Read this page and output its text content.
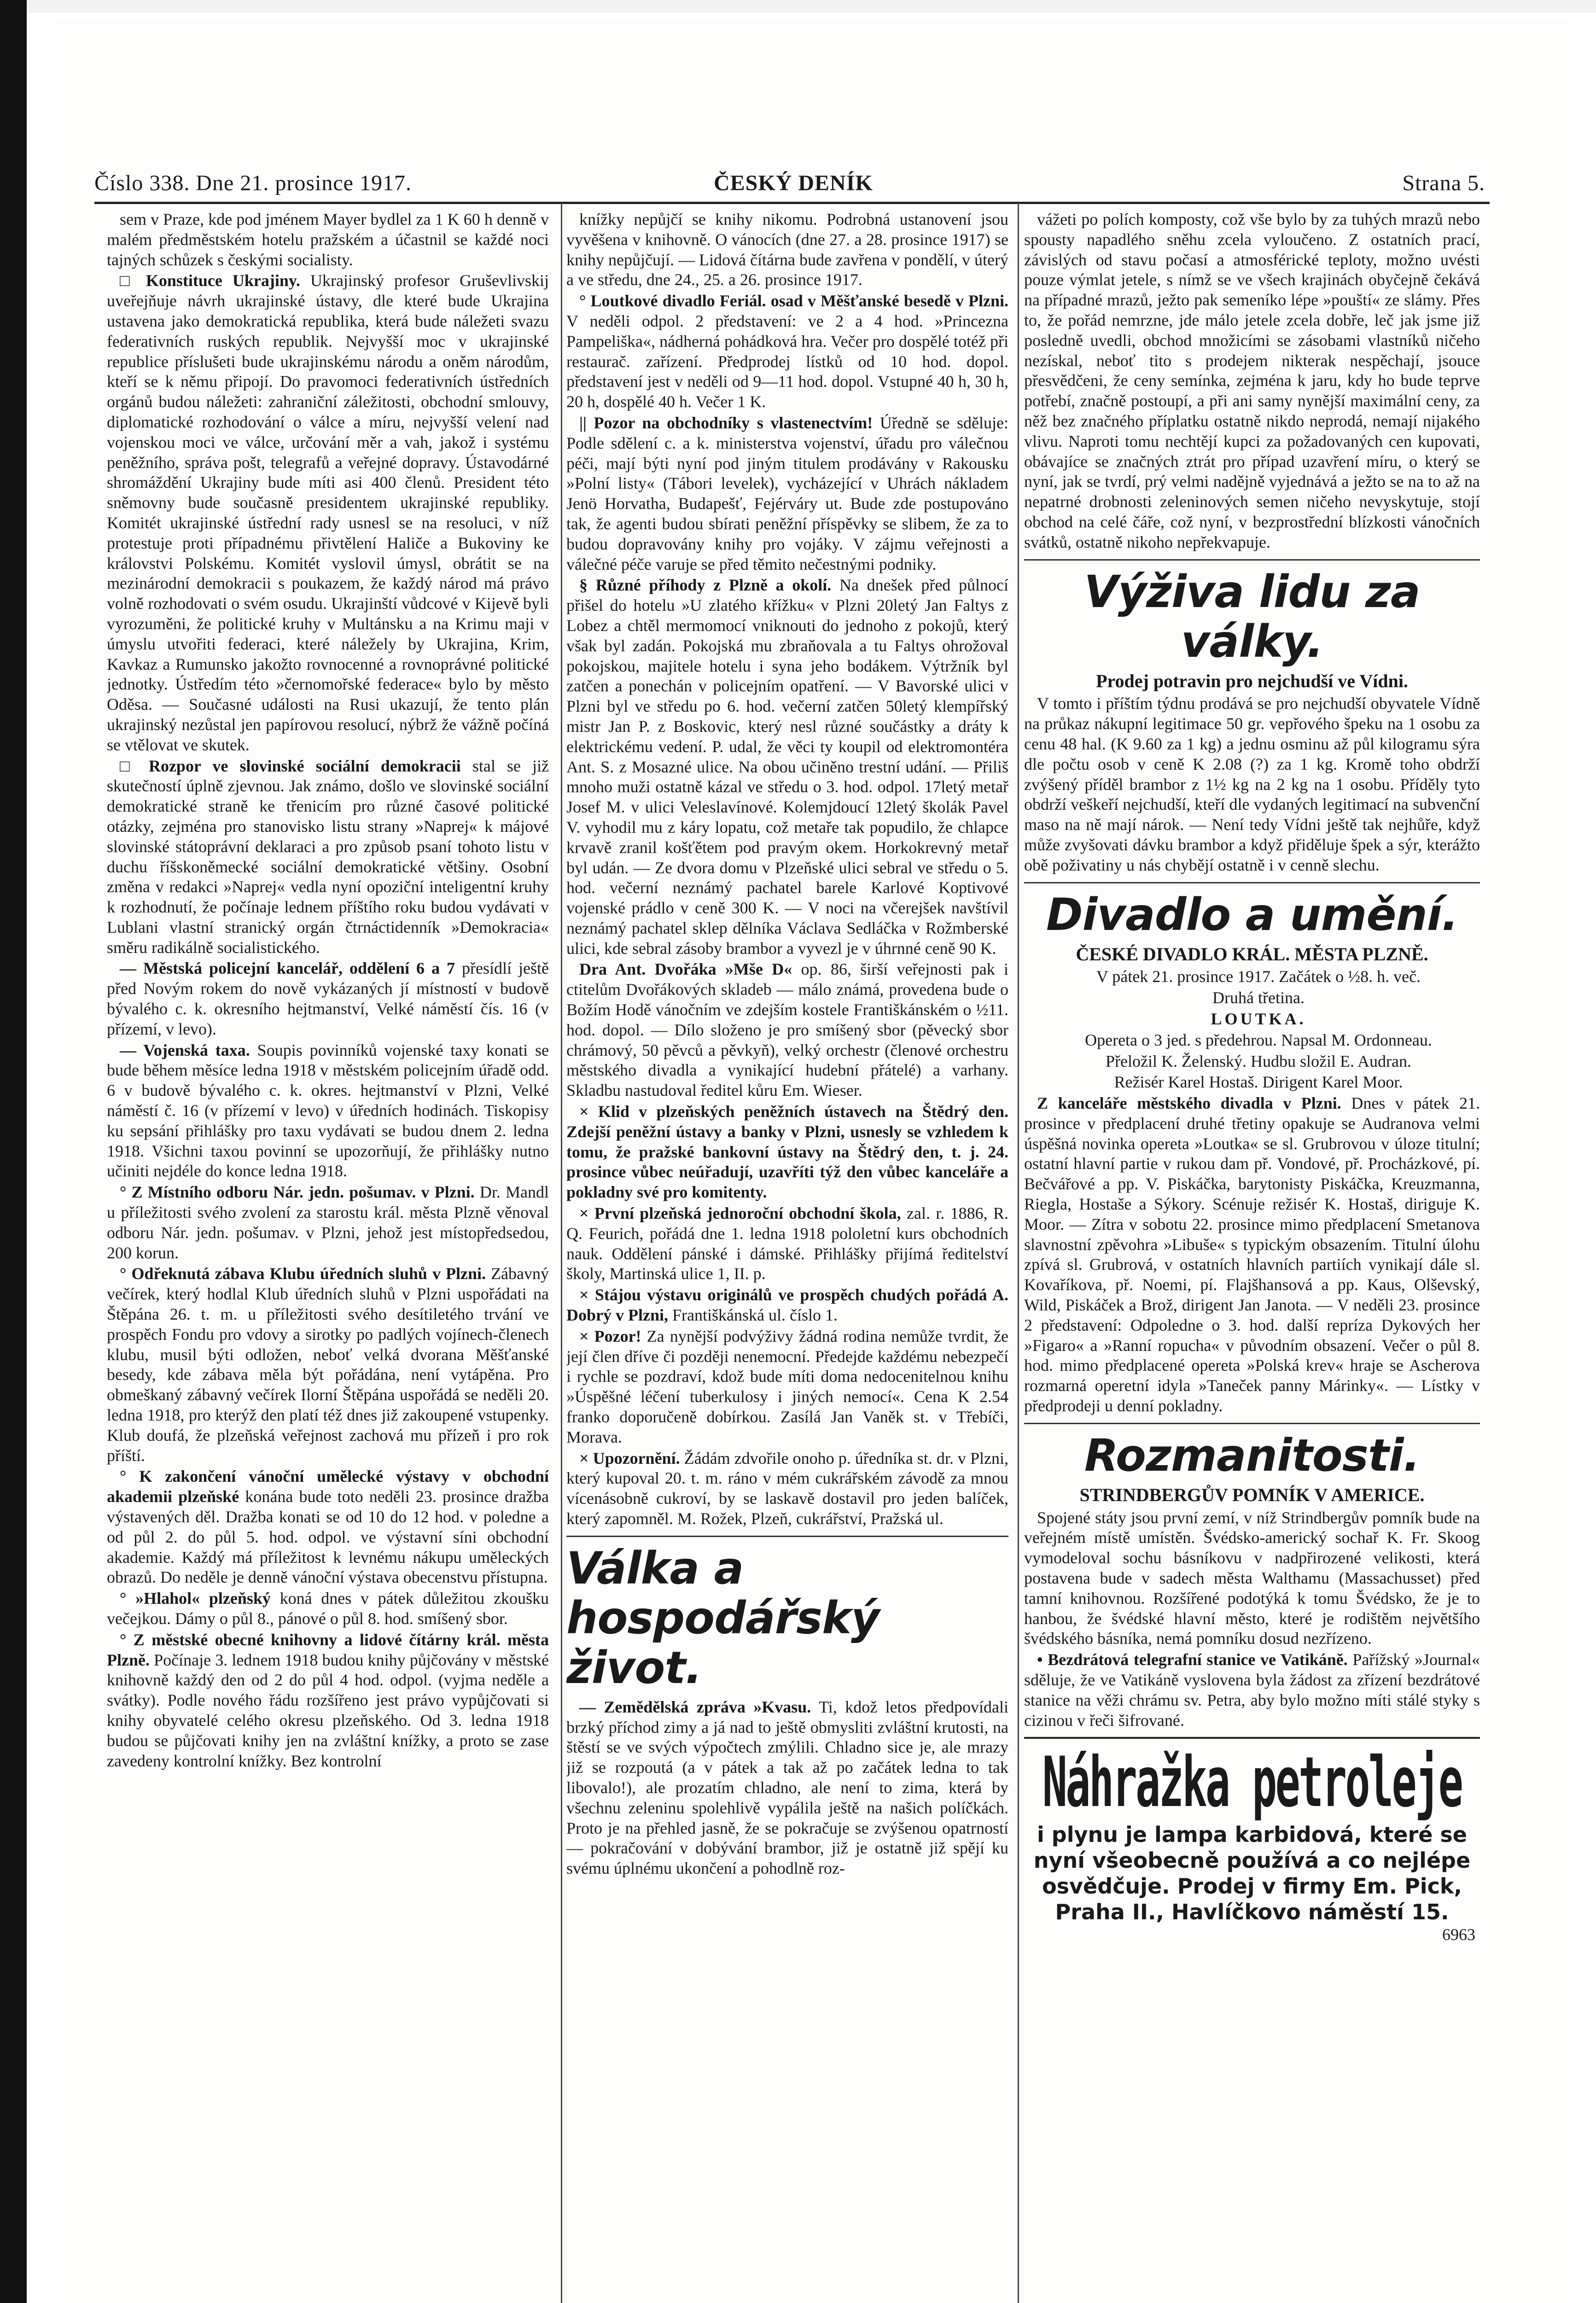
Číslo 338. Dne 21. prosince 1917.	ČESKÝ DENÍK	Strana 5.

sem v Praze, kde pod jménem Mayer bydlel za 1 K 60 h denně v malém předměstském hotelu pražském a účastnil se každé noci tajných schůzek s českými socialisty.

□ Konstituce Ukrajiny. Ukrajinský profesor Gruševlivskij uveřejňuje návrh ukrajinské ústavy, dle které bude Ukrajina ustavena jako demokratická republika, která bude náležeti svazu federativních ruských republik. Nejvyšší moc v ukrajinské republice příslušeti bude ukrajinskému národu a oněm národům, kteří se k němu připojí. Do pravomoci federativních ústředních orgánů budou náležeti: zahraniční záležitosti, obchodní smlouvy, diplomatické rozhodování o válce a míru, nejvyšší velení nad vojenskou moci ve válce, určování měr a vah, jakož i systému peněžního, správa pošt, telegrafů a veřejné dopravy. Ústavodárné shromáždění Ukrajiny bude míti asi 400 členů. President této sněmovny bude současně presidentem ukrajinské republiky. Komitét ukrajinské ústřední rady usnesl se na resoluci, v níž protestuje proti případnému přivtělení Haliče a Bukoviny ke královstvi Polskému. Komitét vyslovil úmysl, obrátit se na mezinárodní demokracii s poukazem, že každý národ má právo volně rozhodovati o svém osudu. Ukrajinští vůdcové v Kijevě byli vyrozuměni, že politické kruhy v Multánsku a na Krimu maji v úmyslu utvořiti federaci, které náležely by Ukrajina, Krim, Kavkaz a Rumunsko jakožto rovnocenné a rovnoprávné politické jednotky. Ústředím této »černomořské federace« bylo by město Oděsa. — Současné události na Rusi ukazují, že tento plán ukrajinský nezůstal jen papírovou resolucí, nýbrž že vážně počíná se vtělovat ve skutek.

□ Rozpor ve slovinské sociální demokracii stal se již skutečností úplně zjevnou. Jak známo, došlo ve slovinské sociální demokratické straně ke třenicím pro různé časové politické otázky, zejména pro stanovisko listu strany »Naprej« k májové slovinské státoprávní deklaraci a pro způsob psaní tohoto listu v duchu říšskoněmecké sociální demokratické většiny. Osobní změna v redakci »Naprej« vedla nyní opoziční inteligentní kruhy k rozhodnutí, že počínaje lednem příštího roku budou vydávati v Lublani vlastní stranický orgán čtrnáctidenník »Demokracia« směru radikálně socialistického.

— Městská policejní kancelář, oddělení 6 a 7 přesídlí ještě před Novým rokem do nově vykázaných jí místností v budově bývalého c. k. okresního hejtmanství, Velké náměstí čís. 16 (v přízemí, v levo).

— Vojenská taxa. Soupis povinníků vojenské taxy konati se bude během měsíce ledna 1918 v městském policejním úřadě odd. 6 v budově bývalého c. k. okres. hejtmanství v Plzni, Velké náměstí č. 16 (v přízemí v levo) v úředních hodinách. Tiskopisy ku sepsání přihlášky pro taxu vydávati se budou dnem 2. ledna 1918. Všichni taxou povinní se upozorňují, že přihlášky nutno učiniti nejdéle do konce ledna 1918.

° Z Místního odboru Nár. jedn. pošumav. v Plzni. Dr. Mandl u příležitosti svého zvolení za starostu král. města Plzně věnoval odboru Nár. jedn. pošumav. v Plzni, jehož jest místopředsedou, 200 korun.

° Odřeknutá zábava Klubu úředních sluhů v Plzni. Zábavný večírek, který hodlal Klub úředních sluhů v Plzni uspořádati na Štěpána 26. t. m. u příležitosti svého desítiletého trvání ve prospěch Fondu pro vdovy a sirotky po padlých vojínech-členech klubu, musil býti odložen, neboť velká dvorana Měšťanské besedy, kde zábava měla být pořádána, není vytápěna. Pro obmeškaný zábavný večírek Ilorní Štěpána uspořádá se neděli 20. ledna 1918, pro kterýž den platí též dnes již zakoupené vstupenky. Klub doufá, že plzeňská veřejnost zachová mu přízeň i pro rok příští.

° K zakončení vánoční umělecké výstavy v obchodní akademii plzeňské konána bude toto neděli 23. prosince dražba výstavených děl. Dražba konati se od 10 do 12 hod. v poledne a od půl 2. do půl 5. hod. odpol. ve výstavní síni obchodní akademie. Každý má příležitost k levnému nákupu uměleckých obrazů. Do neděle je denně vánoční výstava obecenstvu přístupna.

° »Hlahol« plzeňský koná dnes v pátek důležitou zkoušku večejkou. Dámy o půl 8., pánové o půl 8. hod. smíšený sbor.

° Z městské obecné knihovny a lidové čítárny král. města Plzně. Počínaje 3. lednem 1918 budou knihy půjčovány v městské knihovně každý den od 2 do půl 4 hod. odpol. (vyjma neděle a svátky). Podle nového řádu rozšířeno jest právo vypůjčovati si knihy obyvatelé celého okresu plzeňského. Od 3. ledna 1918 budou se půjčovati knihy jen na zvláštní knížky, a proto se zase zavedeny kontrolní knížky. Bez kontrolní

knížky nepůjčí se knihy nikomu. Podrobná ustanovení jsou vyvěšena v knihovně. O vánocích (dne 27. a 28. prosince 1917) se knihy nepůjčují. — Lidová čítárna bude zavřena v pondělí, v úterý a ve středu, dne 24., 25. a 26. prosince 1917.

° Loutkové divadlo Feriál. osad v Měšťanské besedě v Plzni. V neděli odpol. 2 představení: ve 2 a 4 hod. »Princezna Pampeliška«, nádherná pohádková hra. Večer pro dospělé totéž při restaurač. zařízení. Předprodej lístků od 10 hod. dopol. představení jest v neděli od 9—11 hod. dopol. Vstupné 40 h, 30 h, 20 h, dospělé 40 h. Večer 1 K.

|| Pozor na obchodníky s vlastenectvím! Úředně se sděluje: Podle sdělení c. a k. ministerstva vojenství, úřadu pro válečnou péči, mají býti nyní pod jiným titulem prodávány v Rakousku »Polní listy« (Tábori levelek), vycházející v Uhrách nákladem Jenö Horvatha, Budapešť, Fejérváry ut. Bude zde postupováno tak, že agenti budou sbírati peněžní příspěvky se slibem, že za to budou dopravovány knihy pro vojáky. V zájmu veřejnosti a válečné péče varuje se před těmito nečestnými podniky.

§ Různé příhody z Plzně a okolí. Na dnešek před půlnocí přišel do hotelu »U zlatého křížku« v Plzni 20letý Jan Faltys z Lobez a chtěl mermomocí vniknouti do jednoho z pokojů, který však byl zadán. Pokojská mu zbraňovala a tu Faltys ohrožoval pokojskou, majitele hotelu i syna jeho bodákem. Výtržník byl zatčen a ponechán v policejním opatření. — V Bavorské ulici v Plzni byl ve středu po 6. hod. večerní zatčen 50letý klempířský mistr Jan P. z Boskovic, který nesl různé součástky a dráty k elektrickému vedení. P. udal, že věci ty koupil od elektromontéra Ant. S. z Mosazné ulice. Na obou učiněno trestní udání. — Přiliš mnoho muži ostatně kázal ve středu o 3. hod. odpol. 17letý metař Josef M. v ulici Veleslavínové. Kolemjdoucí 12letý školák Pavel V. vyhodil mu z káry lopatu, což metaře tak popudilo, že chlapce krvavě zranil košťětem pod pravým okem. Horkokrevný metař byl udán. — Ze dvora domu v Plzeňské ulici sebral ve středu o 5. hod. večerní neznámý pachatel barele Karlové Koptivové vojenské prádlo v ceně 300 K. — V noci na včerejšek navštívil neznámý pachatel sklep dělníka Václava Sedláčka v Rožmberské ulici, kde sebral zásoby brambor a vyvezl je v úhrnné ceně 90 K.

Dra Ant. Dvořáka »Mše D« op. 86, širší veřejnosti pak i ctitelům Dvořákových skladeb — málo známá, provedena bude o Božím Hodě vánočním ve zdejším kostele Františkánském o ½11. hod. dopol. — Dílo složeno je pro smíšený sbor (pěvecký sbor chrámový, 50 pěvců a pěvkyň), velký orchestr (členové orchestru městského divadla a vynikající hudební přátelé) a varhany. Skladbu nastudoval ředitel kůru Em. Wieser.

× Klid v plzeňských peněžních ústavech na Štědrý den. Zdejší peněžní ústavy a banky v Plzni, usnesly se vzhledem k tomu, že pražské bankovní ústavy na Štědrý den, t. j. 24. prosince vůbec neúřadují, uzavříti týž den vůbec kanceláře a pokladny své pro komitenty.

× První plzeňská jednoroční obchodní škola, zal. r. 1886, R. Q. Feurich, pořádá dne 1. ledna 1918 pololetní kurs obchodních nauk. Oddělení pánské i dámské. Přihlášky přijímá ředitelství školy, Martinská ulice 1, II. p.

× Stájou výstavu originálů ve prospěch chudých pořádá A. Dobrý v Plzni, Františkánská ul. číslo 1.

× Pozor! Za nynější podvýživy žádná rodina nemůže tvrdit, že její člen dříve či později nenemocní. Předejde každému nebezpečí i rychle se pozdraví, kdož bude míti doma nedocenitelnou knihu »Úspěšné léčení tuberkulosy i jiných nemocí«. Cena K 2.54 franko doporučeně dobírkou. Zasílá Jan Vaněk st. v Třebíči, Morava.

× Upozornění. Žádám zdvořile onoho p. úředníka st. dr. v Plzni, který kupoval 20. t. m. ráno v mém cukrářském závodě za mnou vícenásobně cukroví, by se laskavě dostavil pro jeden balíček, který zapomněl. M. Rožek, Plzeň, cukrářství, Pražská ul.

Válka a hospodářský život.

— Zemědělská zpráva »Kvasu. Ti, kdož letos předpovídali brzký příchod zimy a já nad to ještě obmysliti zvláštní krutosti, na štěstí se ve svých výpočtech zmýlili. Chladno sice je, ale mrazy již se rozpoutá (a v pátek a tak až po začátek ledna to tak libovalo!), ale prozatím chladno, ale není to zima, která by všechnu zeleninu spolehlivě vypálila ještě na našich políčkách. Proto je na přehled jasně, že se pokračuje se zvýšenou opatrností — pokračování v dobývání brambor, již je ostatně již spějí ku svému úplnému ukončení a pohodlně roz-

vážeti po polích komposty, což vše bylo by za tuhých mrazů nebo spousty napadlého sněhu zcela vyloučeno. Z ostatních prací, závislých od stavu počasí a atmosférické teploty, možno uvésti pouze výmlat jetele, s nímž se ve všech krajinách obyčejně čekává na případné mrazů, ježto pak semeníko lépe »pouští« ze slámy. Přes to, že pořád nemrzne, jde málo jetele zcela dobře, leč jak jsme již posledně uvedli, obchod množicími se zásobami vlastníků ničeho nezískal, neboť tito s prodejem nikterak nespěchají, jsouce přesvědčeni, že ceny semínka, zejména k jaru, kdy ho bude teprve potřebí, značně postoupí, a při ani samy nynější maximální ceny, za něž bez značného příplatku ostatně nikdo neprodá, nemají nijakého vlivu. Naproti tomu nechtějí kupci za požadovaných cen kupovati, obávajíce se značných ztrát pro případ uzavření míru, o který se nyní, jak se tvrdí, prý velmi nadějně vyjednává a ježto se na to až na nepatrné drobnosti zeleninových semen ničeho nevyskytuje, stojí obchod na celé čáře, což nyní, v bezprostřední blízkosti vánočních svátků, ostatně nikoho nepřekvapuje.

Výživa lidu za války.
Prodej potravin pro nejchudší ve Vídni.

V tomto i příštím týdnu prodává se pro nejchudší obyvatele Vídně na průkaz nákupní legitimace 50 gr. vepřového špeku na 1 osobu za cenu 48 hal. (K 9.60 za 1 kg) a jednu osminu až půl kilogramu sýra dle počtu osob v ceně K 2.08 (?) za 1 kg. Kromě toho obdrží zvýšený příděl brambor z 1½ kg na 2 kg na 1 osobu. Příděly tyto obdrží veškeří nejchudší, kteří dle vydaných legitimací na subvenční maso na ně mají nárok. — Není tedy Vídni ještě tak nejhůře, když může zvyšovati dávku brambor a když přiděluje špek a sýr, kterážto obě poživatiny u nás chybějí ostatně i v cenně slechu.

Divadlo a umění.
ČESKÉ DIVADLO KRÁL. MĚSTA PLZNĚ.

V pátek 21. prosince 1917. Začátek o ½8. h. več.

Druhá třetina.

LOUTKA.

Opereta o 3 jed. s předehrou. Napsal M. Ordonneau.

Přeložil K. Želenský. Hudbu složil E. Audran.

Režisér Karel Hostaš. Dirigent Karel Moor.

Z kanceláře městského divadla v Plzni. Dnes v pátek 21. prosince v předplacení druhé třetiny opakuje se Audranova velmi úspěšná novinka opereta »Loutka« se sl. Grubrovou v úloze titulní; ostatní hlavní partie v rukou dam př. Vondové, př. Procházkové, pí. Bečvářové a pp. V. Piskáčka, barytonisty Piskáčka, Kreuzmanna, Riegla, Hostaše a Sýkory. Scénuje režisér K. Hostaš, diriguje K. Moor. — Zítra v sobotu 22. prosince mimo předplacení Smetanova slavnostní zpěvohra »Libuše« s typickým obsazením. Titulní úlohu zpívá sl. Grubrová, v ostatních hlavních partiích vynikají dále sl. Kovaříkova, př. Noemi, pí. Flajšhansová a pp. Kaus, Olševský, Wild, Piskáček a Brož, dirigent Jan Janota. — V neděli 23. prosince 2 představení: Odpoledne o 3. hod. další repríza Dykových her »Figaro« a »Ranní ropucha« v původním obsazení. Večer o půl 8. hod. mimo předplacené opereta »Polská krev« hraje se Ascherova rozmarná operetní idyla »Taneček panny Márinky«. — Lístky v předprodeji u denní pokladny.

Rozmanitosti.
STRINDBERGŮV POMNÍK V AMERICE.

Spojené státy jsou první zemí, v níž Strindbergův pomník bude na veřejném místě umístěn. Švédsko-americký sochař K. Fr. Skoog vymodeloval sochu básníkovu v nadpřirozené velikosti, která postavena bude v sadech města Walthamu (Massachusset) před tamní knihovnou. Rozšířené podotýká k tomu Švédsko, že je to hanbou, že švédské hlavní město, které je rodištěm největšího švédského básníka, nemá pomníku dosud nezřízeno.

• Bezdrátová telegrafní stanice ve Vatikáně. Pařížský »Journal« sděluje, že ve Vatikáně vyslovena byla žádost za zřízení bezdrátové stanice na věži chrámu sv. Petra, aby bylo možno míti stálé styky s cizinou v řeči šifrované.

Náhražka petroleje
i plynu je lampa karbidová, které se nyní všeobecně používá a co nejlépe osvědčuje. Prodej v firmy Em. Pick, Praha II., Havlíčkovo náměstí 15.
6963
